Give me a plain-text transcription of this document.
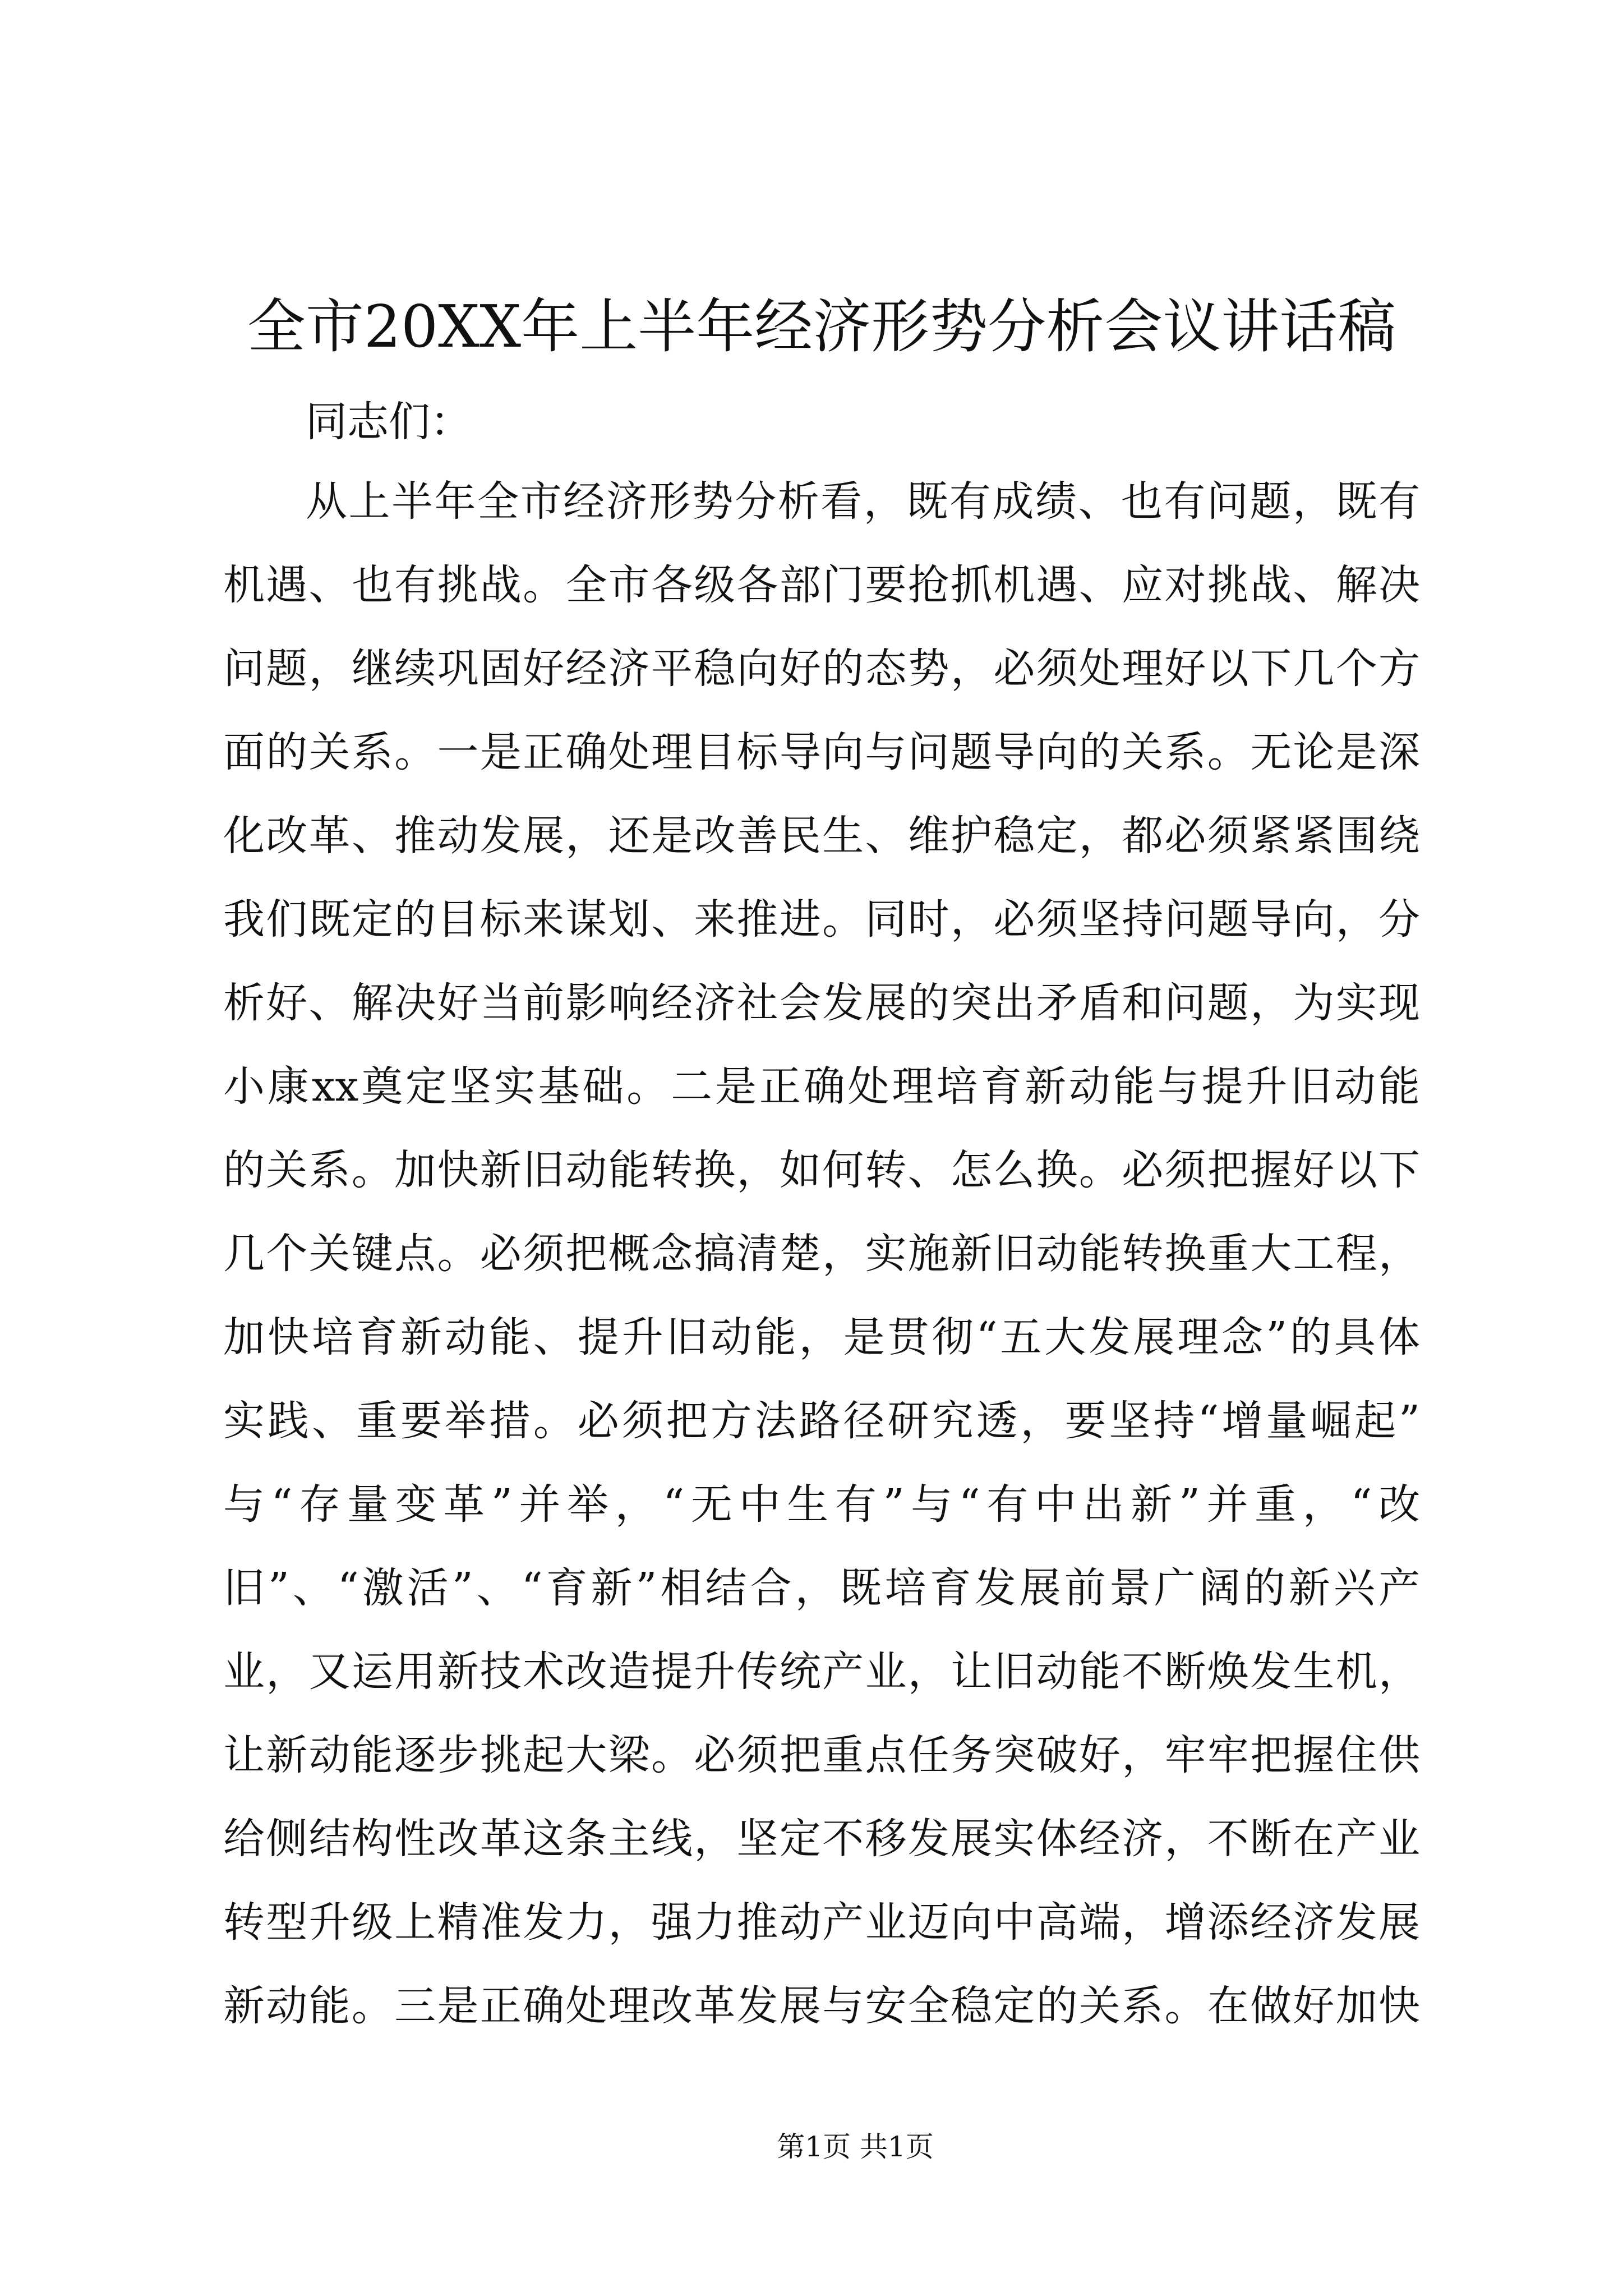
全市20XX年上半年经济形势分析会议讲话稿
同志们：
从上半年全市经济形势分析看，既有成绩、也有问题，既有
机遇、也有挑战。全市各级各部门要抢抓机遇、应对挑战、解决
问题，继续巩固好经济平稳向好的态势，必须处理好以下几个方
面的关系。一是正确处理目标导向与问题导向的关系。无论是深
化改革、推动发展，还是改善民生、维护稳定，都必须紧紧围绕
我们既定的目标来谋划、来推进。同时，必须坚持问题导向，分
析好、解决好当前影响经济社会发展的突出矛盾和问题，为实现
小康xx奠定坚实基础。二是正确处理培育新动能与提升旧动能
的关系。加快新旧动能转换，如何转、怎么换。必须把握好以下
几个关键点。必须把概念搞清楚，实施新旧动能转换重大工程，
加快培育新动能、提升旧动能，是贯彻“五大发展理念”的具体
实践、重要举措。必须把方法路径研究透，要坚持“增量崛起”
与“存量变革”并举，“无中生有”与“有中出新”并重，“改
旧”、“激活”、“育新”相结合，既培育发展前景广阔的新兴产
业，又运用新技术改造提升传统产业，让旧动能不断焕发生机，
让新动能逐步挑起大梁。必须把重点任务突破好，牢牢把握住供
给侧结构性改革这条主线，坚定不移发展实体经济，不断在产业
转型升级上精准发力，强力推动产业迈向中高端，增添经济发展
新动能。三是正确处理改革发展与安全稳定的关系。在做好加快
第1页 共1页
